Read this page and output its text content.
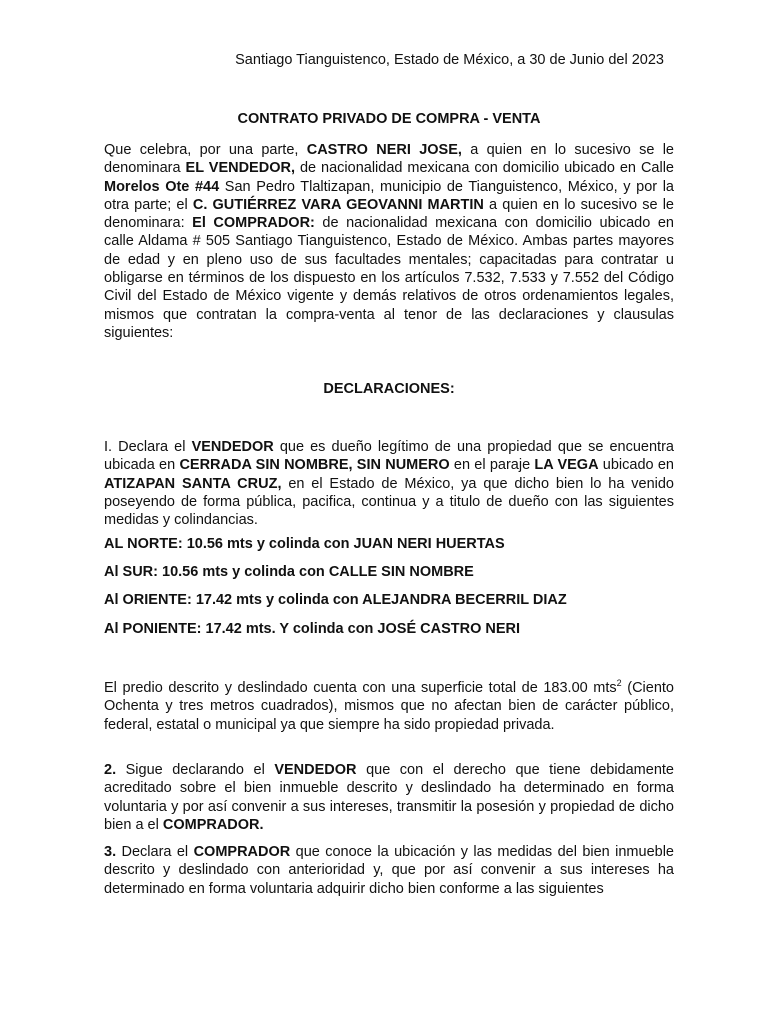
Santiago Tianguistenco, Estado de México, a 30 de Junio del 2023
CONTRATO PRIVADO DE COMPRA - VENTA
Que celebra, por una parte, CASTRO NERI JOSE, a quien en lo sucesivo se le denominara EL VENDEDOR, de nacionalidad mexicana con domicilio ubicado en Calle Morelos Ote #44 San Pedro Tlaltizapan, municipio de Tianguistenco, México, y por la otra parte; el C. GUTIÉRREZ VARA GEOVANNI MARTIN a quien en lo sucesivo se le denominara: El COMPRADOR: de nacionalidad mexicana con domicilio ubicado en calle Aldama # 505 Santiago Tianguistenco, Estado de México. Ambas partes mayores de edad y en pleno uso de sus facultades mentales; capacitadas para contratar u obligarse en términos de los dispuesto en los artículos 7.532, 7.533 y 7.552 del Código Civil del Estado de México vigente y demás relativos de otros ordenamientos legales, mismos que contratan la compra-venta al tenor de las declaraciones y clausulas siguientes:
DECLARACIONES:
I. Declara el VENDEDOR que es dueño legítimo de una propiedad que se encuentra ubicada en CERRADA SIN NOMBRE, SIN NUMERO en el paraje LA VEGA ubicado en ATIZAPAN SANTA CRUZ, en el Estado de México, ya que dicho bien lo ha venido poseyendo de forma pública, pacifica, continua y a titulo de dueño con las siguientes medidas y colindancias.
AL NORTE: 10.56 mts y colinda con JUAN NERI HUERTAS
Al SUR: 10.56 mts y colinda con CALLE SIN NOMBRE
Al ORIENTE: 17.42 mts y colinda con ALEJANDRA BECERRIL DIAZ
Al PONIENTE: 17.42 mts. Y colinda con JOSÉ CASTRO NERI
El predio descrito y deslindado cuenta con una superficie total de 183.00 mts$^2$ (Ciento Ochenta y tres metros cuadrados), mismos que no afectan bien de carácter público, federal, estatal o municipal ya que siempre ha sido propiedad privada.
2. Sigue declarando el VENDEDOR que con el derecho que tiene debidamente acreditado sobre el bien inmueble descrito y deslindado ha determinado en forma voluntaria y por así convenir a sus intereses, transmitir la posesión y propiedad de dicho bien a el COMPRADOR.
3. Declara el COMPRADOR que conoce la ubicación y las medidas del bien inmueble descrito y deslindado con anterioridad y, que por así convenir a sus intereses ha determinado en forma voluntaria adquirir dicho bien conforme a las siguientes
